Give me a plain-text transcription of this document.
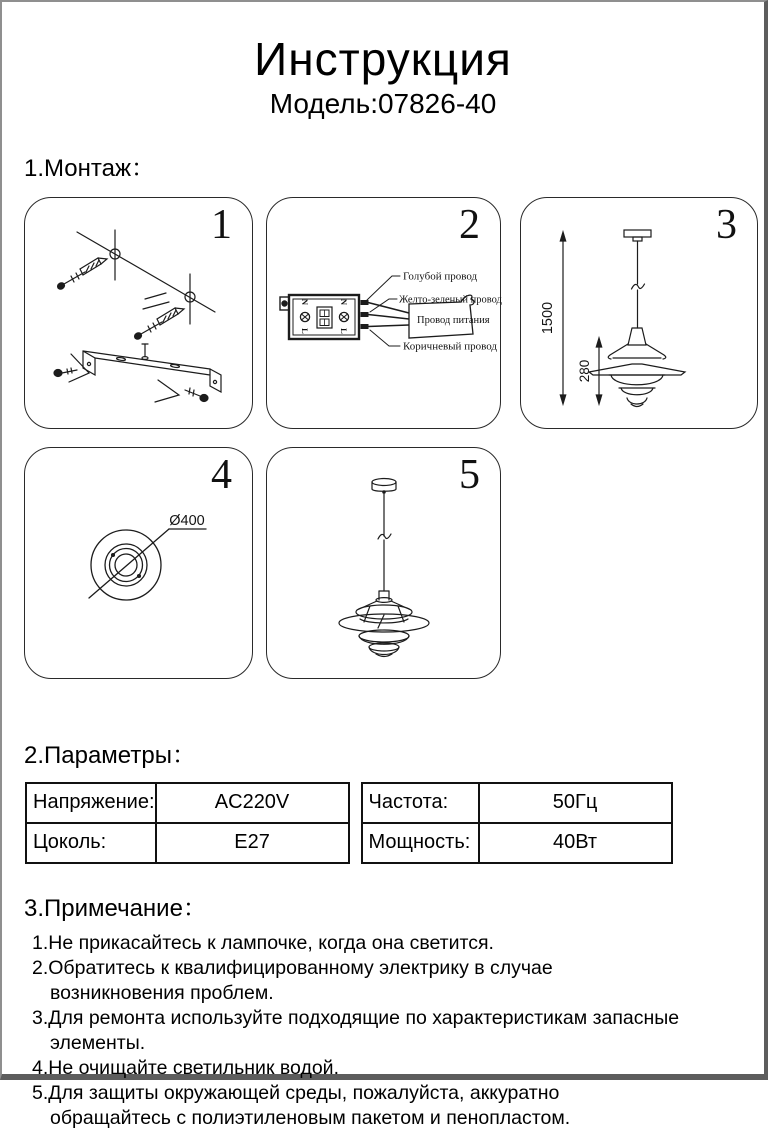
Инструкция
Модель:07826-40
1.Монтаж：
1
Голубой провод
Желто-зеленый провод
Провод питания
Коричневый провод
N
L
N
L
2
1500
280
3
Ø400
4	5
2.Параметры：
Напряжение:	AC220V
Цоколь:	E27
Частота:	50Гц
Мощность:	40Вт
3.Примечание：
1.Не прикасайтесь к лампочке, когда она светится.
2.Обратитесь к квалифицированному электрику в случае возникновения проблем.
3.Для ремонта используйте подходящие по характеристикам запасные элементы.
4.Не очищайте светильник водой.
5.Для защиты окружающей среды, пожалуйста, аккуратно обращайтесь с полиэтиленовым пакетом и пенопластом.
